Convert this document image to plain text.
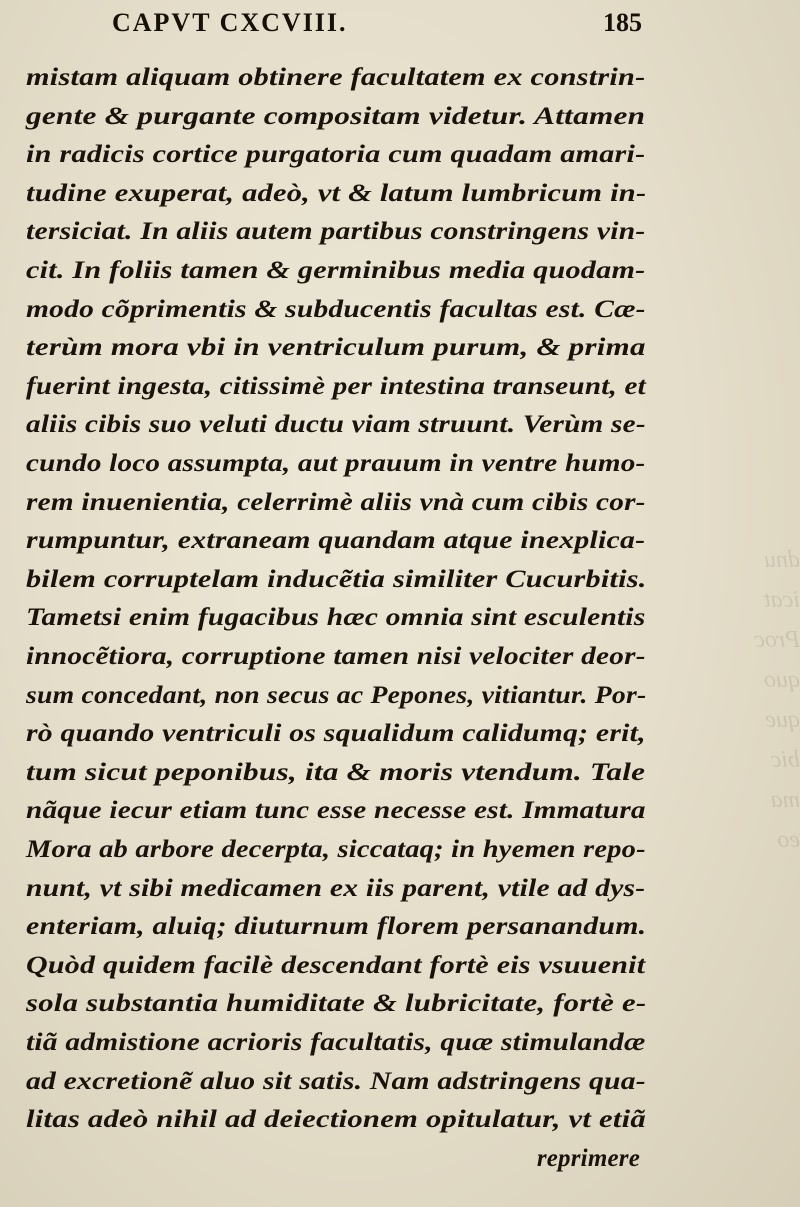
dnu
icat
Proc
quo
que
bic
ma
eo
CAPVT CXCVIII.	185

mistam aliquam obtinere facultatem ex constrin-

gente & purgante compositam videtur. Attamen

in radicis cortice purgatoria cum quadam amari-

tudine exuperat, adeò, vt & latum lumbricum in-

tersiciat. In aliis autem partibus constringens vin-

cit. In foliis tamen & germinibus media quodam-

modo cõprimentis & subducentis facultas est. Cæ-

terùm mora vbi in ventriculum purum, & prima

fuerint ingesta, citissimè per intestina transeunt, et

aliis cibis suo veluti ductu viam struunt. Verùm se-

cundo loco assumpta, aut prauum in ventre humo-

rem inuenientia, celerrimè aliis vnà cum cibis cor-

rumpuntur, extraneam quandam atque inexplica-

bilem corruptelam inducẽtia similiter Cucurbitis.

Tametsi enim fugacibus hæc omnia sint esculentis

innocẽtiora, corruptione tamen nisi velociter deor-

sum concedant, non secus ac Pepones, vitiantur. Por-

rò quando ventriculi os squalidum calidumq; erit,

tum sicut peponibus, ita & moris vtendum. Tale

nãque iecur etiam tunc esse necesse est. Immatura

Mora ab arbore decerpta, siccataq; in hyemen repo-

nunt, vt sibi medicamen ex iis parent, vtile ad dys-

enteriam, aluiq; diuturnum florem persanandum.

Quòd quidem facilè descendant fortè eis vsuuenit

sola substantia humiditate & lubricitate, fortè e-

tiã admistione acrioris facultatis, quæ stimulandæ

ad excretionẽ aluo sit satis. Nam adstringens qua-

litas adeò nihil ad deiectionem opitulatur, vt etiã

reprimere
